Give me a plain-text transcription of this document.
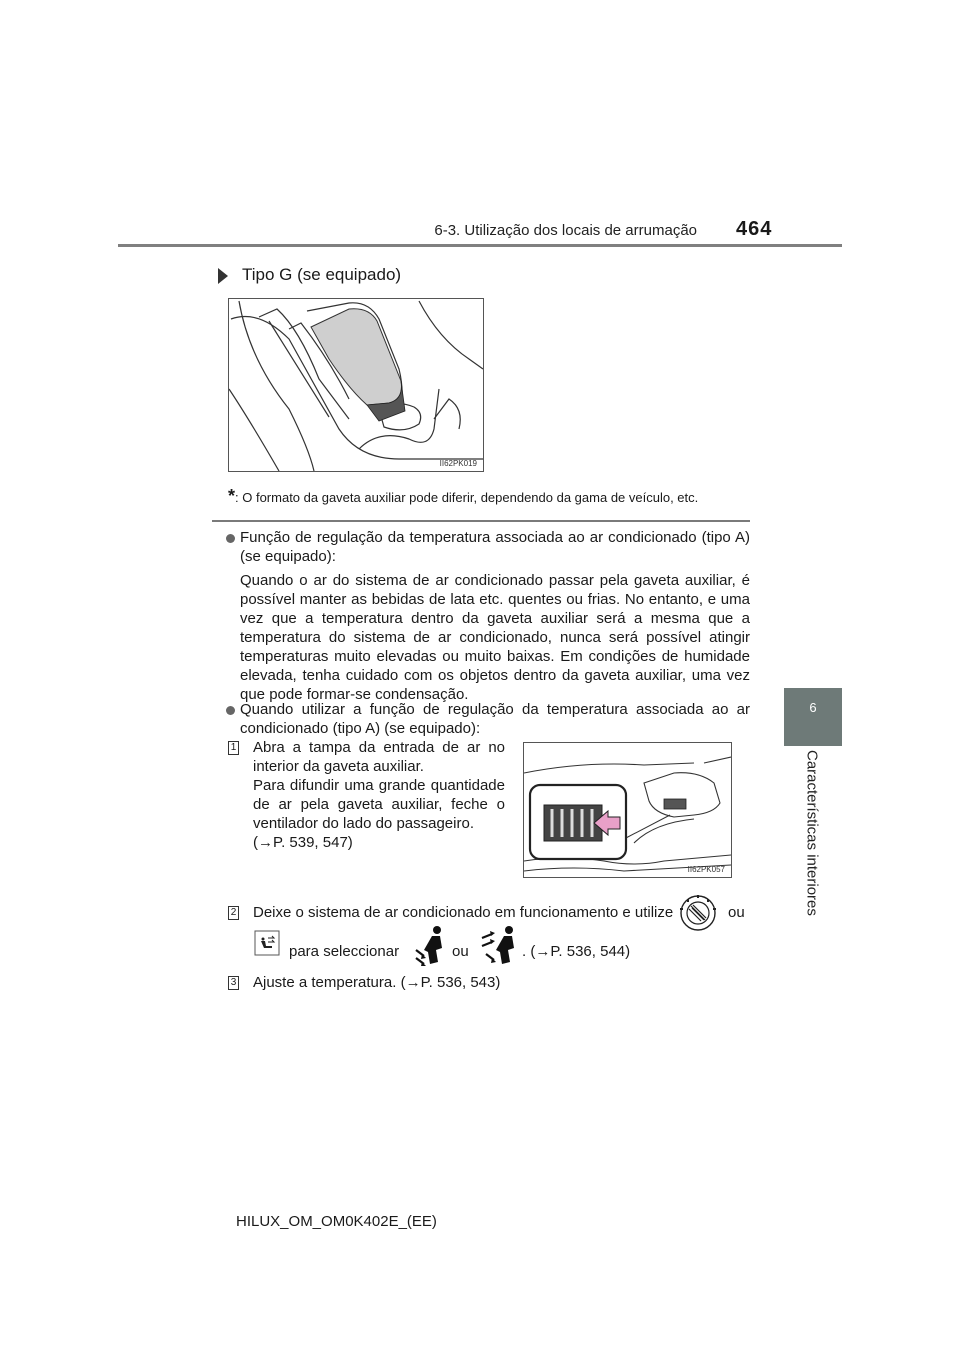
6-3. Utilização dos locais de arrumação 464
6
Características interiores
Tipo G (se equipado)
II62PK019
*: O formato da gaveta auxiliar pode diferir, dependendo da gama de veículo, etc.
Função de regulação da temperatura associada ao ar condicionado (tipo A) (se equipado):
Quando o ar do sistema de ar condicionado passar pela gaveta auxiliar, é possível manter as bebidas de lata etc. quentes ou frias. No entanto, e uma vez que a temperatura dentro da gaveta auxiliar será a mesma que a temperatura do sistema de ar condicionado, nunca será possível atingir temperaturas muito elevadas ou muito baixas. Em condições de humidade elevada, tenha cuidado com os objetos dentro da gaveta auxiliar, uma vez que pode formar-se condensação.
Quando utilizar a função de regulação da temperatura associada ao ar condicionado (tipo A) (se equipado):
1 Abra a tampa da entrada de ar no interior da gaveta auxiliar.
Para difundir uma grande quantidade de ar pela gaveta auxiliar, feche o ventilador do lado do passageiro.
(→P. 539, 547)
II62PK057
2 Deixe o sistema de ar condicionado em funcionamento e utilize	ou
para seleccionar	ou	. (→P. 536, 544)
3 Ajuste a temperatura. (→P. 536, 543)
HILUX_OM_OM0K402E_(EE)
